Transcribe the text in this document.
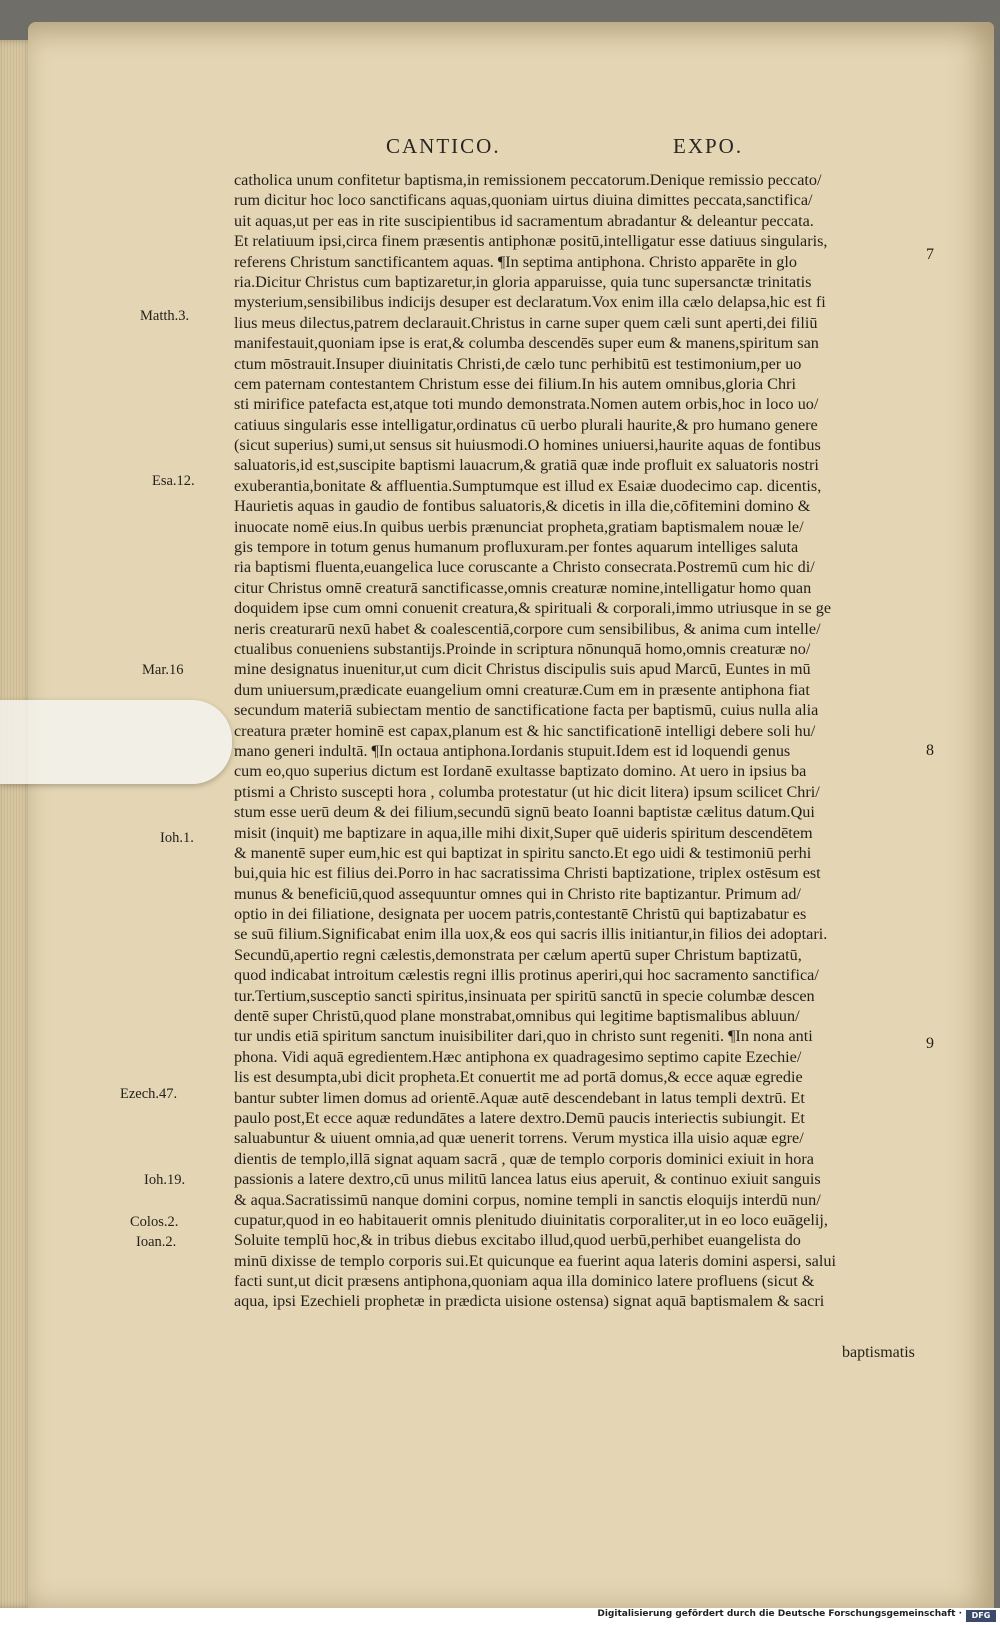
CANTICO.	EXPO.
catholica unum confitetur baptisma,in remissionem peccatorum.Denique remissio peccato/
rum dicitur hoc loco sanctificans aquas,quoniam uirtus diuina dimittes peccata,sanctifica/
uit aquas,ut per eas in rite suscipientibus id sacramentum abradantur & deleantur peccata.
Et relatiuum ipsi,circa finem præsentis antiphonæ positū,intelligatur esse datiuus singularis,
referens Christum sanctificantem aquas. ¶In septima antiphona. Christo apparēte in glo
ria.Dicitur Christus cum baptizaretur,in gloria apparuisse, quia tunc supersanctæ trinitatis
mysterium,sensibilibus indicijs desuper est declaratum.Vox enim illa cælo delapsa,hic est fi
lius meus dilectus,patrem declarauit.Christus in carne super quem cæli sunt aperti,dei filiū
manifestauit,quoniam ipse is erat,& columba descendēs super eum & manens,spiritum san
ctum mōstrauit.Insuper diuinitatis Christi,de cælo tunc perhibitū est testimonium,per uo
cem paternam contestantem Christum esse dei filium.In his autem omnibus,gloria Chri
sti mirifice patefacta est,atque toti mundo demonstrata.Nomen autem orbis,hoc in loco uo/
catiuus singularis esse intelligatur,ordinatus cū uerbo plurali haurite,& pro humano genere
(sicut superius) sumi,ut sensus sit huiusmodi.O homines uniuersi,haurite aquas de fontibus
saluatoris,id est,suscipite baptismi lauacrum,& gratiā quæ inde profluit ex saluatoris nostri
exuberantia,bonitate & affluentia.Sumptumque est illud ex Esaiæ duodecimo cap. dicentis,
Haurietis aquas in gaudio de fontibus saluatoris,& dicetis in illa die,cōfitemini domino &
inuocate nomē eius.In quibus uerbis prænunciat propheta,gratiam baptismalem nouæ le/
gis tempore in totum genus humanum profluxuram.per fontes aquarum intelliges saluta
ria baptismi fluenta,euangelica luce coruscante a Christo consecrata.Postremū cum hic di/
citur Christus omnē creaturā sanctificasse,omnis creaturæ nomine,intelligatur homo quan
doquidem ipse cum omni conuenit creatura,& spirituali & corporali,immo utriusque in se ge
neris creaturarū nexū habet & coalescentiā,corpore cum sensibilibus, & anima cum intelle/
ctualibus conueniens substantijs.Proinde in scriptura nōnunquā homo,omnis creaturæ no/
mine designatus inuenitur,ut cum dicit Christus discipulis suis apud Marcū, Euntes in mū
dum uniuersum,prædicate euangelium omni creaturæ.Cum em in præsente antiphona fiat
secundum materiā subiectam mentio de sanctificatione facta per baptismū, cuius nulla alia
creatura præter hominē est capax,planum est & hic sanctificationē intelligi debere soli hu/
mano generi indultā. ¶In octaua antiphona.Iordanis stupuit.Idem est id loquendi genus
cum eo,quo superius dictum est Iordanē exultasse baptizato domino. At uero in ipsius ba
ptismi a Christo suscepti hora , columba protestatur (ut hic dicit litera) ipsum scilicet Chri/
stum esse uerū deum & dei filium,secundū signū beato Ioanni baptistæ cælitus datum.Qui
misit (inquit) me baptizare in aqua,ille mihi dixit,Super quē uideris spiritum descendētem
& manentē super eum,hic est qui baptizat in spiritu sancto.Et ego uidi & testimoniū perhi
bui,quia hic est filius dei.Porro in hac sacratissima Christi baptizatione, triplex ostēsum est
munus & beneficiū,quod assequuntur omnes qui in Christo rite baptizantur. Primum ad/
optio in dei filiatione, designata per uocem patris,contestantē Christū qui baptizabatur es
se suū filium.Significabat enim illa uox,& eos qui sacris illis initiantur,in filios dei adoptari.
Secundū,apertio regni cælestis,demonstrata per cælum apertū super Christum baptizatū,
quod indicabat introitum cælestis regni illis protinus aperiri,qui hoc sacramento sanctifica/
tur.Tertium,susceptio sancti spiritus,insinuata per spiritū sanctū in specie columbæ descen
dentē super Christū,quod plane monstrabat,omnibus qui legitime baptismalibus abluun/
tur undis etiā spiritum sanctum inuisibiliter dari,quo in christo sunt regeniti. ¶In nona anti
phona. Vidi aquā egredientem.Hæc antiphona ex quadragesimo septimo capite Ezechie/
lis est desumpta,ubi dicit propheta.Et conuertit me ad portā domus,& ecce aquæ egredie
bantur subter limen domus ad orientē.Aquæ autē descendebant in latus templi dextrū. Et
paulo post,Et ecce aquæ redundātes a latere dextro.Demū paucis interiectis subiungit. Et
saluabuntur & uiuent omnia,ad quæ uenerit torrens. Verum mystica illa uisio aquæ egre/
dientis de templo,illā signat aquam sacrā , quæ de templo corporis dominici exiuit in hora
passionis a latere dextro,cū unus militū lancea latus eius aperuit, & continuo exiuit sanguis
& aqua.Sacratissimū nanque domini corpus, nomine templi in sanctis eloquijs interdū nun/
cupatur,quod in eo habitauerit omnis plenitudo diuinitatis corporaliter,ut in eo loco euāgelij,
Soluite templū hoc,& in tribus diebus excitabo illud,quod uerbū,perhibet euangelista do
minū dixisse de templo corporis sui.Et quicunque ea fuerint aqua lateris domini aspersi, salui
facti sunt,ut dicit præsens antiphona,quoniam aqua illa dominico latere profluens (sicut &
aqua, ipsi Ezechieli prophetæ in prædicta uisione ostensa) signat aquā baptismalem & sacri
Matth.3.
Esa.12.
Mar.16
Ioh.1.
Ezech.47.
Ioh.19.
Colos.2.
Ioan.2.
7
8
9
baptismatis
Digitalisierung gefördert durch die Deutsche Forschungsgemeinschaft ·	DFG
